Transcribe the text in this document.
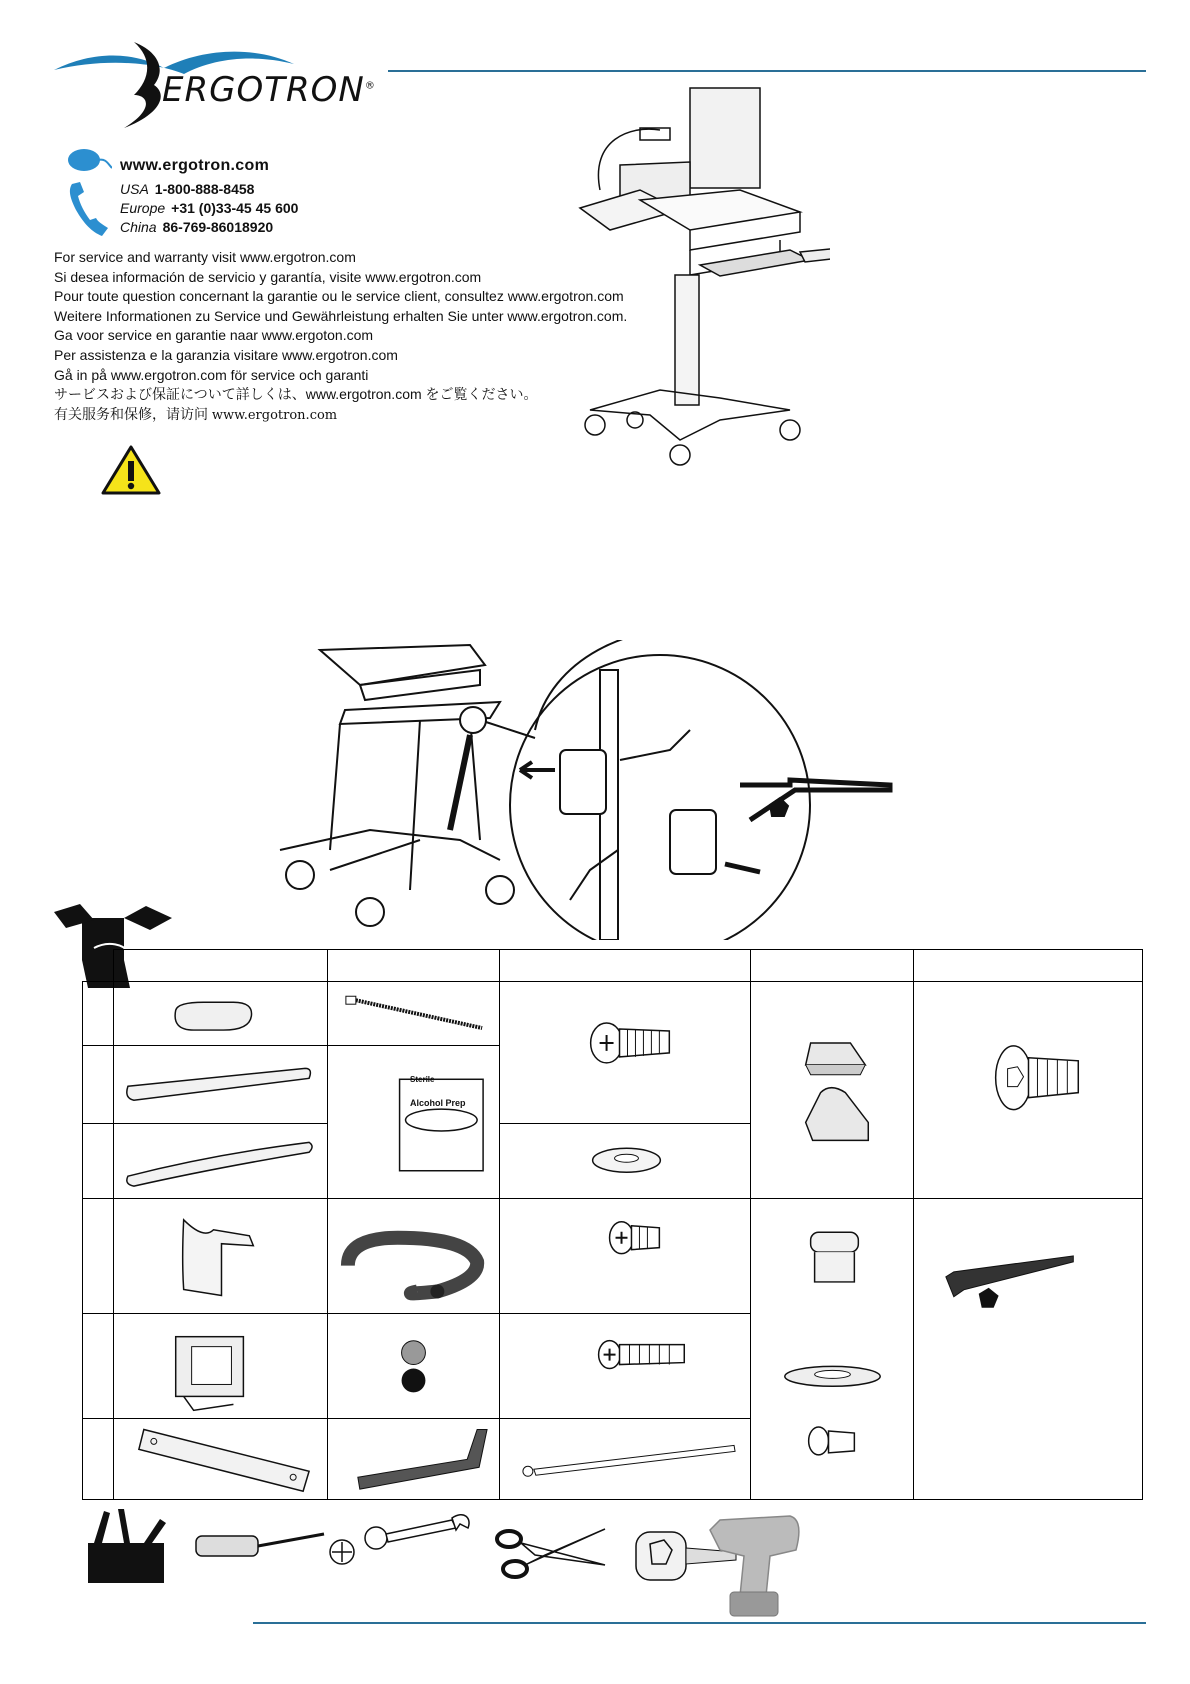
ERGOTRON®
www.ergotron.com
USA 1-800-888-8458
Europe +31 (0)33-45 45 600
China 86-769-86018920
For service and warranty visit www.ergotron.com
Si desea información de servicio y garantía, visite www.ergotron.com
Pour toute question concernant la garantie ou le service client, consultez www.ergotron.com
Weitere Informationen zu Service und Gewährleistung erhalten Sie unter www.ergotron.com.
Ga voor service en garantie naar www.ergoton.com
Per assistenza e la garanzia visitare www.ergotron.com
Gå in på www.ergotron.com för service och garanti
サービスおよび保証について詳しくは、www.ergotron.com をご覧ください。
有关服务和保修，请访问 www.ergotron.com

Sterile
Alcohol Prep
